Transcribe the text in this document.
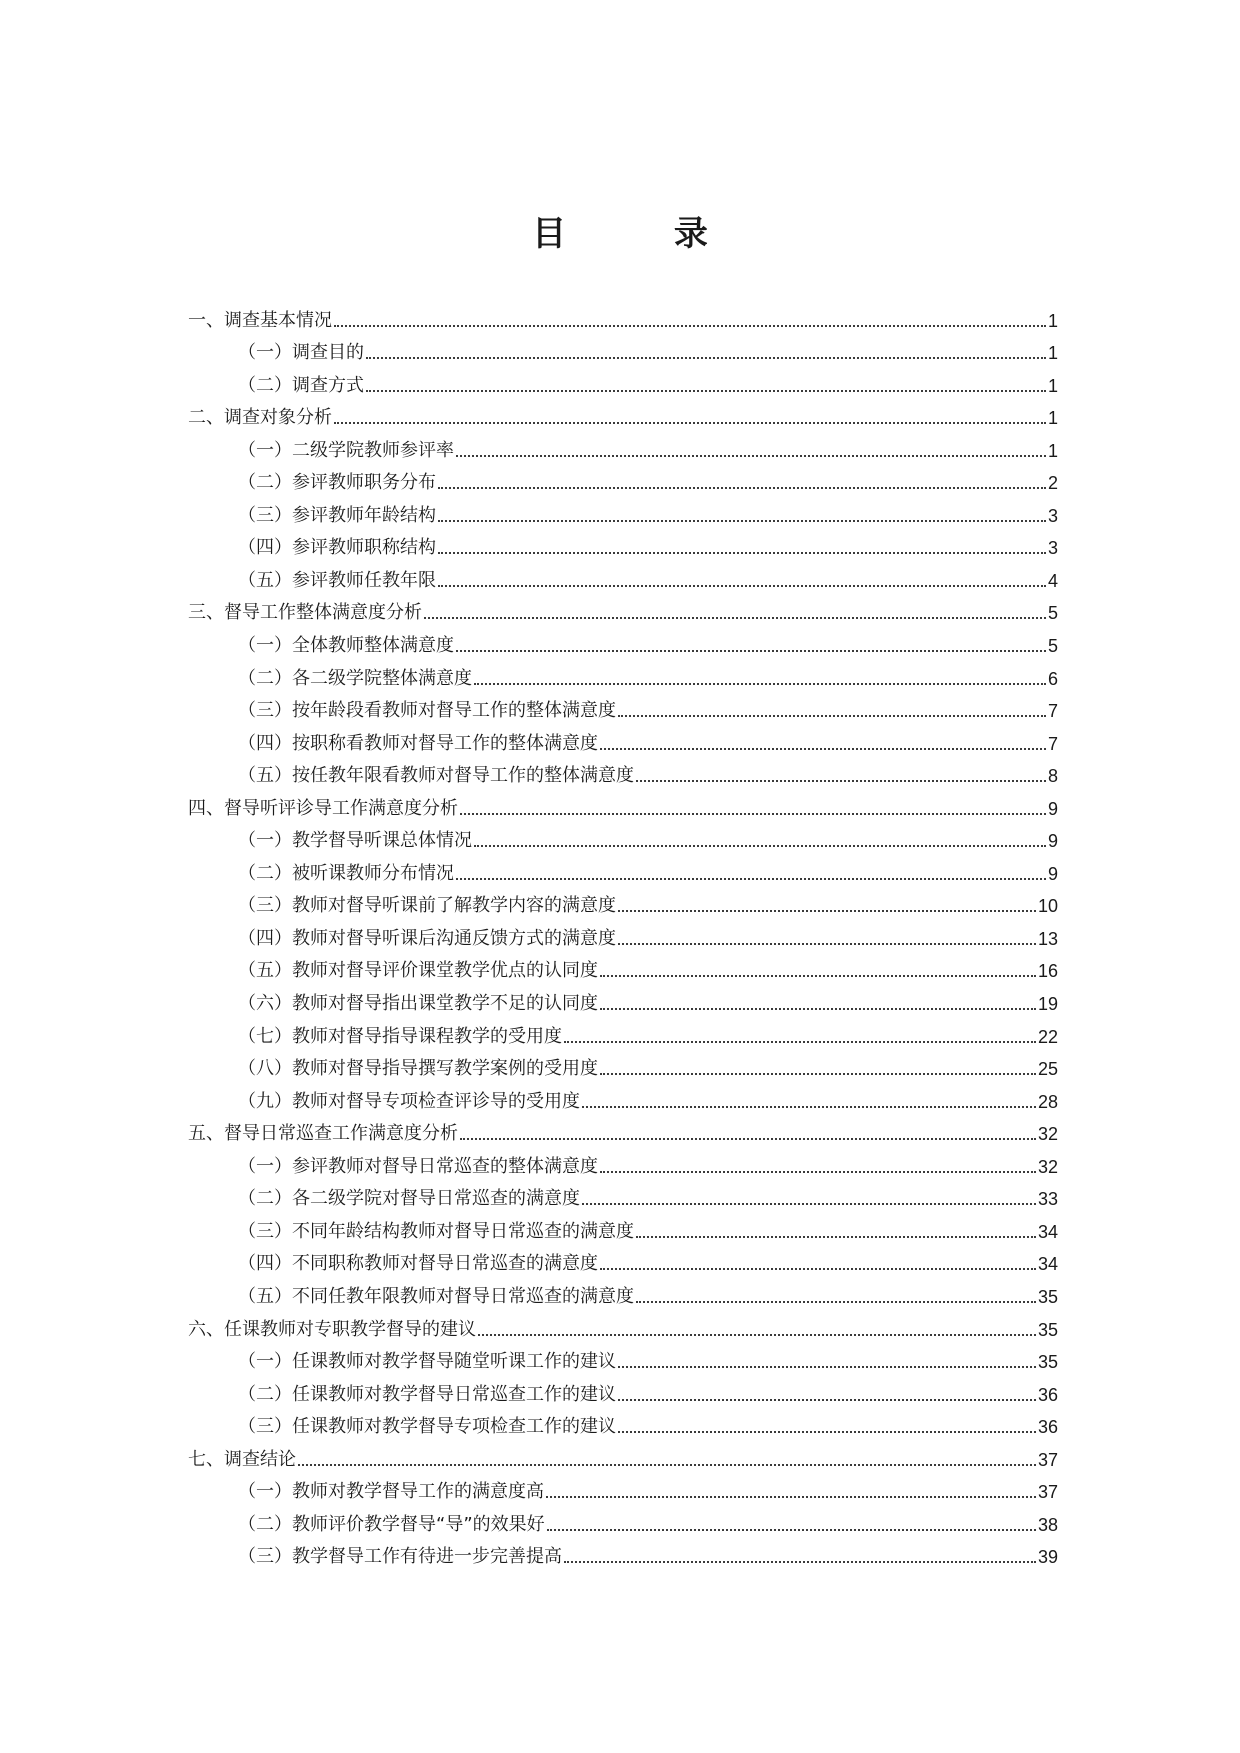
目 录
一、调查基本情况	1
（一）调查目的	1
（二）调查方式	1
二、调查对象分析	1
（一）二级学院教师参评率	1
（二）参评教师职务分布	2
（三）参评教师年龄结构	3
（四）参评教师职称结构	3
（五）参评教师任教年限	4
三、督导工作整体满意度分析	5
（一）全体教师整体满意度	5
（二）各二级学院整体满意度	6
（三）按年龄段看教师对督导工作的整体满意度	7
（四）按职称看教师对督导工作的整体满意度	7
（五）按任教年限看教师对督导工作的整体满意度	8
四、督导听评诊导工作满意度分析	9
（一）教学督导听课总体情况	9
（二）被听课教师分布情况	9
（三）教师对督导听课前了解教学内容的满意度	10
（四）教师对督导听课后沟通反馈方式的满意度	13
（五）教师对督导评价课堂教学优点的认同度	16
（六）教师对督导指出课堂教学不足的认同度	19
（七）教师对督导指导课程教学的受用度	22
（八）教师对督导指导撰写教学案例的受用度	25
（九）教师对督导专项检查评诊导的受用度	28
五、督导日常巡查工作满意度分析	32
（一）参评教师对督导日常巡查的整体满意度	32
（二）各二级学院对督导日常巡查的满意度	33
（三）不同年龄结构教师对督导日常巡查的满意度	34
（四）不同职称教师对督导日常巡查的满意度	34
（五）不同任教年限教师对督导日常巡查的满意度	35
六、任课教师对专职教学督导的建议	35
（一）任课教师对教学督导随堂听课工作的建议	35
（二）任课教师对教学督导日常巡查工作的建议	36
（三）任课教师对教学督导专项检查工作的建议	36
七、调查结论	37
（一）教师对教学督导工作的满意度高	37
（二）教师评价教学督导“导”的效果好	38
（三）教学督导工作有待进一步完善提高	39
